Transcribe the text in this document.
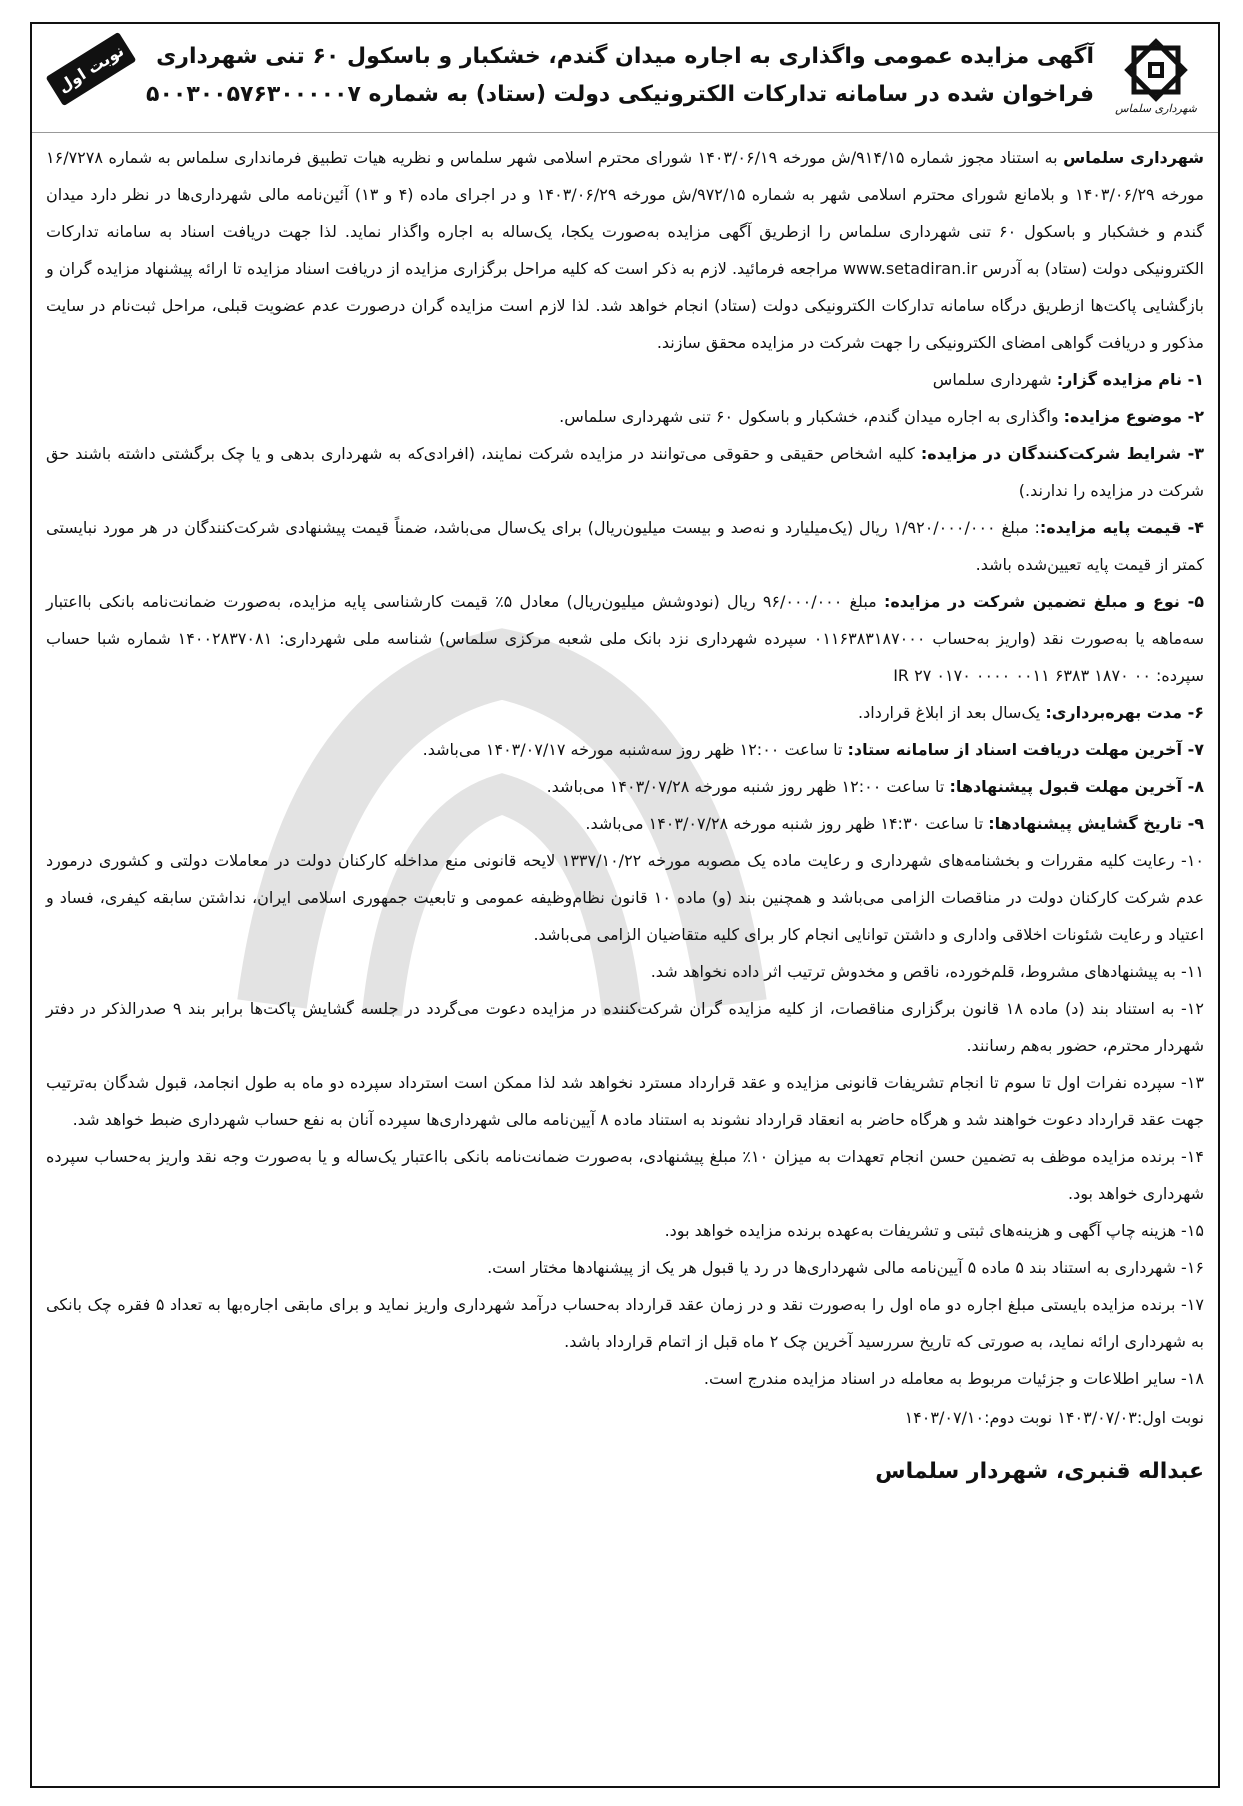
شهرداری سلماس
آگهی مزایده عمومی واگذاری به اجاره میدان گندم، خشکبار و باسکول ۶۰ تنی شهرداری
فراخوان شده در سامانه تدارکات الکترونیکی دولت (ستاد) به شماره ۵۰۰۳۰۰۵۷۶۳۰۰۰۰۰۷
نوبت اول

شهرداری سلماس به استناد مجوز شماره ۹۱۴/۱۵/ش مورخه ۱۴۰۳/۰۶/۱۹ شورای محترم اسلامی شهر سلماس و نظریه هیات تطبیق فرمانداری سلماس به شماره ۱۶/۷۲۷۸ مورخه ۱۴۰۳/۰۶/۲۹ و بلامانع شورای محترم اسلامی شهر به شماره ۹۷۲/۱۵/ش مورخه ۱۴۰۳/۰۶/۲۹ و در اجرای ماده (۴ و ۱۳) آئین‌نامه مالی شهرداری‌ها در نظر دارد میدان گندم و خشکبار و باسکول ۶۰ تنی شهرداری سلماس را ازطریق آگهی مزایده به‌صورت یکجا، یک‌ساله به اجاره واگذار نماید. لذا جهت دریافت اسناد به سامانه تدارکات الکترونیکی دولت (ستاد) به آدرس www.setadiran.ir مراجعه فرمائید. لازم به ذکر است که کلیه مراحل برگزاری مزایده از دریافت اسناد مزایده تا ارائه پیشنهاد مزایده گران و بازگشایی پاکت‌ها ازطریق درگاه سامانه تدارکات الکترونیکی دولت (ستاد) انجام خواهد شد. لذا لازم است مزایده گران درصورت عدم عضویت قبلی، مراحل ثبت‌نام در سایت مذکور و دریافت گواهی امضای الکترونیکی را جهت شرکت در مزایده محقق سازند.

۱- نام مزایده گزار: شهرداری سلماس

۲- موضوع مزایده: واگذاری به اجاره میدان گندم، خشکبار و باسکول ۶۰ تنی شهرداری سلماس.

۳- شرایط شرکت‌کنندگان در مزایده: کلیه اشخاص حقیقی و حقوقی می‌توانند در مزایده شرکت نمایند، (افرادی‌که به شهرداری بدهی و یا چک برگشتی داشته باشند حق شرکت در مزایده را ندارند.)

۴- قیمت پایه مزایده:: مبلغ ۱/۹۲۰/۰۰۰/۰۰۰ ریال (یک‌میلیارد و نه‌صد و بیست میلیون‌ریال) برای یک‌سال می‌باشد، ضمناً قیمت پیشنهادی شرکت‌کنندگان در هر مورد نبایستی کمتر از قیمت پایه تعیین‌شده باشد.

۵- نوع و مبلغ تضمین شرکت در مزایده: مبلغ ۹۶/۰۰۰/۰۰۰ ریال (نودوشش میلیون‌ریال) معادل ۵٪ قیمت کارشناسی پایه مزایده، به‌صورت ضمانت‌نامه بانکی بااعتبار سه‌ماهه یا به‌صورت نقد (واریز به‌حساب ۰۱۱۶۳۸۳۱۸۷۰۰۰ سپرده شهرداری نزد بانک ملی شعبه مرکزی سلماس) شناسه ملی شهرداری: ۱۴۰۰۲۸۳۷۰۸۱ شماره شبا حساب سپرده: ۰۰ ۱۸۷۰ ۶۳۸۳ ۰۰۱۱ ۰۰۰۰ ۰۱۷۰ ۲۷ IR

۶- مدت بهره‌برداری: یک‌سال بعد از ابلاغ قرارداد.

۷- آخرین مهلت دریافت اسناد از سامانه ستاد: تا ساعت ۱۲:۰۰ ظهر روز سه‌شنبه مورخه ۱۴۰۳/۰۷/۱۷ می‌باشد.

۸- آخرین مهلت قبول پیشنهادها: تا ساعت ۱۲:۰۰ ظهر روز شنبه مورخه ۱۴۰۳/۰۷/۲۸ می‌باشد.

۹- تاریخ گشایش پیشنهادها: تا ساعت ۱۴:۳۰ ظهر روز شنبه مورخه ۱۴۰۳/۰۷/۲۸ می‌باشد.

۱۰- رعایت کلیه مقررات و بخشنامه‌های شهرداری و رعایت ماده یک مصوبه مورخه ۱۳۳۷/۱۰/۲۲ لایحه قانونی منع مداخله کارکنان دولت در معاملات دولتی و کشوری درمورد عدم شرکت کارکنان دولت در مناقصات الزامی می‌باشد و همچنین بند (و) ماده ۱۰ قانون نظام‌وظیفه عمومی و تابعیت جمهوری اسلامی ایران، نداشتن سابقه کیفری، فساد و اعتیاد و رعایت شئونات اخلاقی واداری و داشتن توانایی انجام کار برای کلیه متقاضیان الزامی می‌باشد.

۱۱- به پیشنهادهای مشروط، قلم‌خورده، ناقص و مخدوش ترتیب اثر داده نخواهد شد.

۱۲- به استناد بند (د) ماده ۱۸ قانون برگزاری مناقصات، از کلیه مزایده گران شرکت‌کننده در مزایده دعوت می‌گردد در جلسه گشایش پاکت‌ها برابر بند ۹ صدرالذکر در دفتر شهردار محترم، حضور به‌هم رسانند.

۱۳- سپرده نفرات اول تا سوم تا انجام تشریفات قانونی مزایده و عقد قرارداد مسترد نخواهد شد لذا ممکن است استرداد سپرده دو ماه به طول انجامد، قبول شدگان به‌ترتیب جهت عقد قرارداد دعوت خواهند شد و هرگاه حاضر به انعقاد قرارداد نشوند به استناد ماده ۸ آیین‌نامه مالی شهرداری‌ها سپرده آنان به نفع حساب شهرداری ضبط خواهد شد.

۱۴- برنده مزایده موظف به تضمین حسن انجام تعهدات به میزان ۱۰٪ مبلغ پیشنهادی، به‌صورت ضمانت‌نامه بانکی بااعتبار یک‌ساله و یا به‌صورت وجه نقد واریز به‌حساب سپرده شهرداری خواهد بود.

۱۵- هزینه چاپ آگهی و هزینه‌های ثبتی و تشریفات به‌عهده برنده مزایده خواهد بود.

۱۶- شهرداری به استناد بند ۵ ماده ۵ آیین‌نامه مالی شهرداری‌ها در رد یا قبول هر یک از پیشنهادها مختار است.

۱۷- برنده مزایده بایستی مبلغ اجاره دو ماه اول را به‌صورت نقد و در زمان عقد قرارداد به‌حساب درآمد شهرداری واریز نماید و برای مابقی اجاره‌بها به تعداد ۵ فقره چک بانکی به شهرداری ارائه نماید، به صورتی که تاریخ سررسید آخرین چک ۲ ماه قبل از اتمام قرارداد باشد.

۱۸- سایر اطلاعات و جزئیات مربوط به معامله در اسناد مزایده مندرج است.

نوبت اول:۱۴۰۳/۰۷/۰۳ نوبت دوم:۱۴۰۳/۰۷/۱۰
عبداله قنبری، شهردار سلماس
